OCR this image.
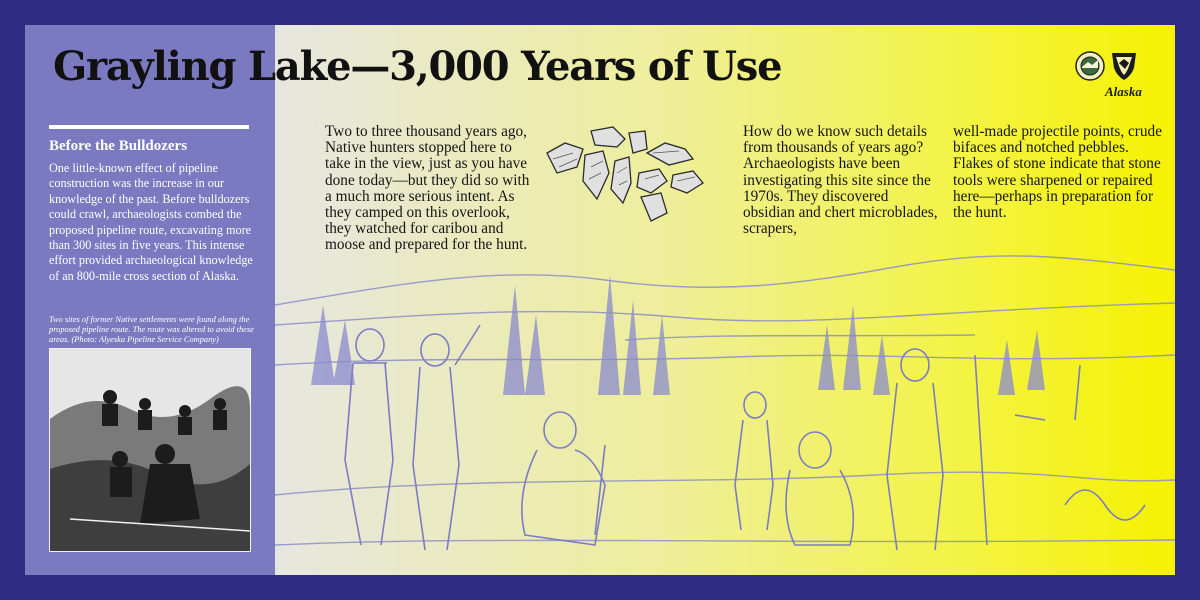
Grayling Lake—3,000 Years of Use
Alaska
Before the Bulldozers

One little-known effect of pipeline construction was the increase in our knowledge of the past. Before bulldozers could crawl, archaeologists combed the proposed pipeline route, excavating more than 300 sites in five years. This intense effort provided archaeological knowledge of an 800-mile cross section of Alaska.

Two sites of former Native settlements were found along the proposed pipeline route. The route was altered to avoid these areas. (Photo: Alyeska Pipeline Service Company)

Two to three thousand years ago, Native hunters stopped here to take in the view, just as you have done today—but they did so with a much more serious intent. As they camped on this overlook, they watched for caribou and moose and prepared for the hunt.

How do we know such details from thousands of years ago? Archaeologists have been investigating this site since the 1970s. They discovered obsidian and chert microblades, scrapers,

well-made projectile points, crude bifaces and notched pebbles. Flakes of stone indicate that stone tools were sharpened or repaired here—perhaps in preparation for the hunt.
